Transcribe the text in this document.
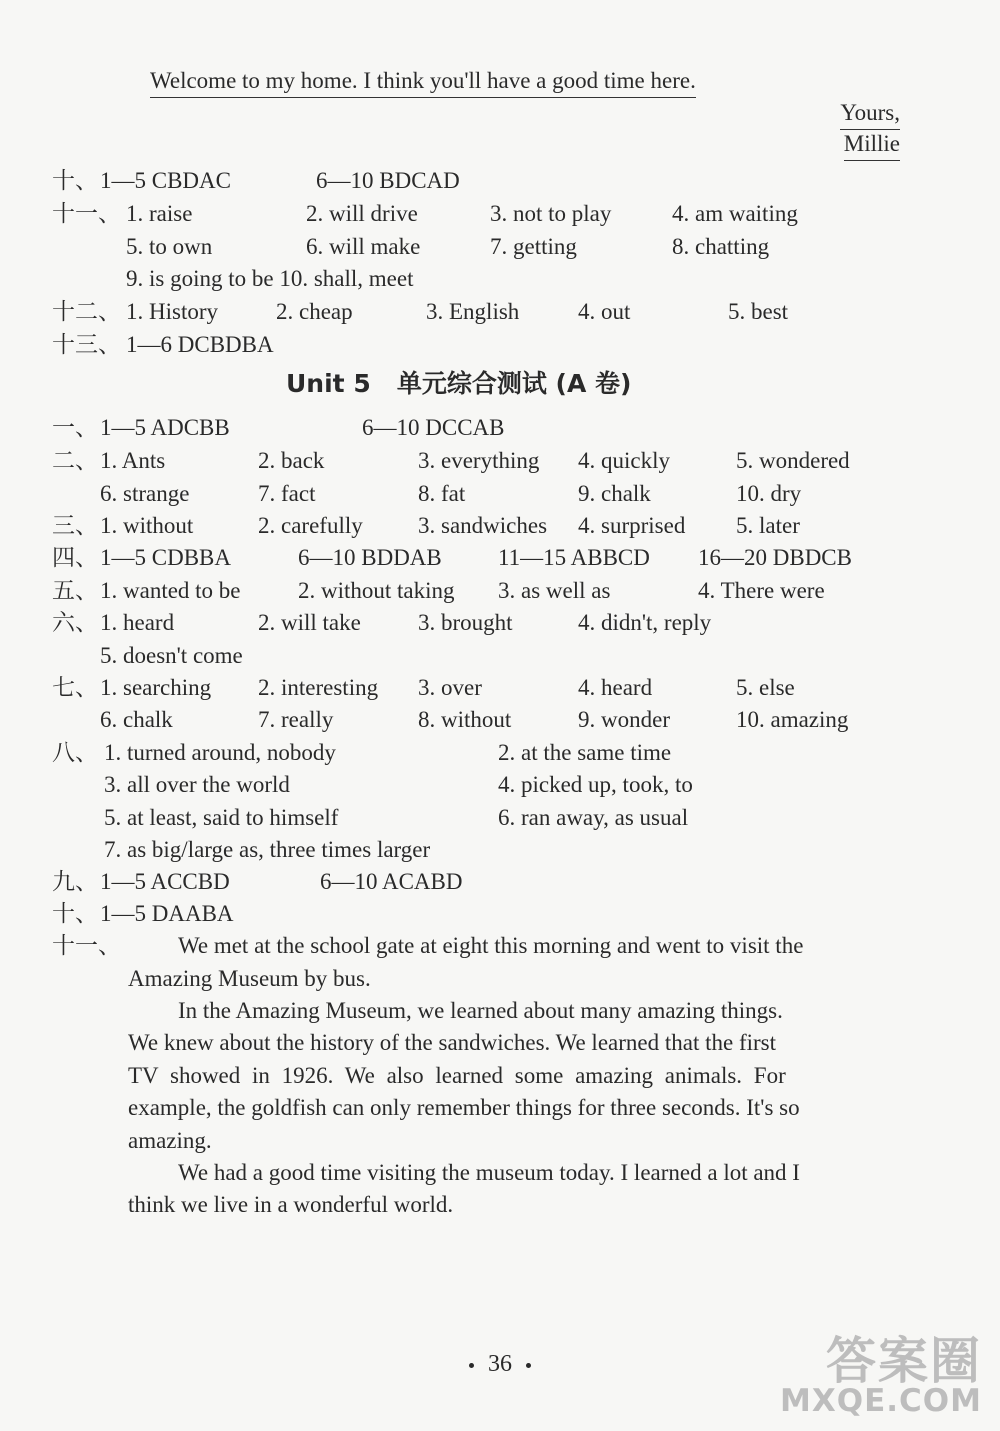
Welcome to my home. I think you'll have a good time here.
Yours,
Millie
十、 1—5 CBDAC	6—10 BDCAD
十一、 1. raise	2. will drive	3. not to play	4. am waiting
5. to own	6. will make	7. getting	8. chatting
9. is going to be 10. shall, meet
十二、 1. History	2. cheap	3. English	4. out	5. best
十三、 1—6 DCBDBA
Unit 5   单元综合测试 (A 卷)
一、 1—5 ADCBB	6—10 DCCAB
二、 1. Ants	2. back	3. everything 4. quickly	5. wondered
6. strange	7. fact	8. fat	9. chalk	10. dry
三、 1. without	2. carefully 3. sandwiches 4. surprised 5. later
四、 1—5 CDBBA	6—10 BDDAB 11—15 ABBCD 16—20 DBDCB
五、 1. wanted to be 2. without taking 3. as well as	4. There were
六、 1. heard	2. will take 3. brought	4. didn't, reply
5. doesn't come
七、 1. searching 2. interesting 3. over	4. heard	5. else
6. chalk	7. really	8. without	9. wonder	10. amazing
八、 1. turned around, nobody	2. at the same time
3. all over the world	4. picked up, took, to
5. at least, said to himself	6. ran away, as usual
7. as big/large as, three times larger
九、 1—5 ACCBD	6—10 ACABD
十、 1—5 DAABA
十一、 We met at the school gate at eight this morning and went to visit the
Amazing Museum by bus.
In the Amazing Museum, we learned about many amazing things.
We knew about the history of the sandwiches. We learned that the first
TV showed in 1926. We also learned some amazing animals. For
example, the goldfish can only remember things for three seconds. It's so
amazing.
We had a good time visiting the museum today. I learned a lot and I
think we live in a wonderful world.
36	答案圈
MXQE.COM
